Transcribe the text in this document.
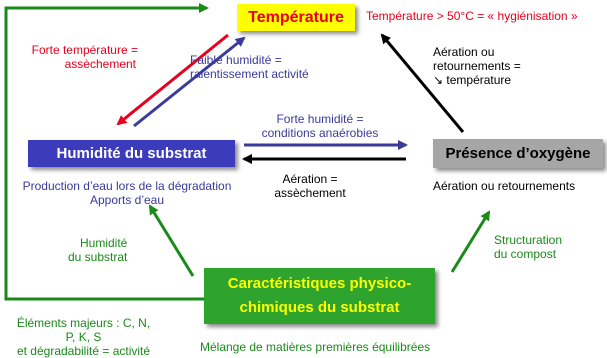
Température
Humidité du substrat	Présence d’oxygène
Caractéristiques physico-
chimiques du substrat
Température > 50°C = « hygiénisation »
Forte température =
assèchement	Faible humidité =
ralentissement activité
Aération ou
retournements =
↘ température
Forte humidité =
conditions anaérobies
Aération =
assèchement
Production d’eau lors de la dégradation
Apports d’eau
Aération ou retournements
Humidité
du substrat
Structuration
du compost
Éléments majeurs : C, N,
P, K, S
et dégradabilité = activité	Mélange de matières premières équilibrées
